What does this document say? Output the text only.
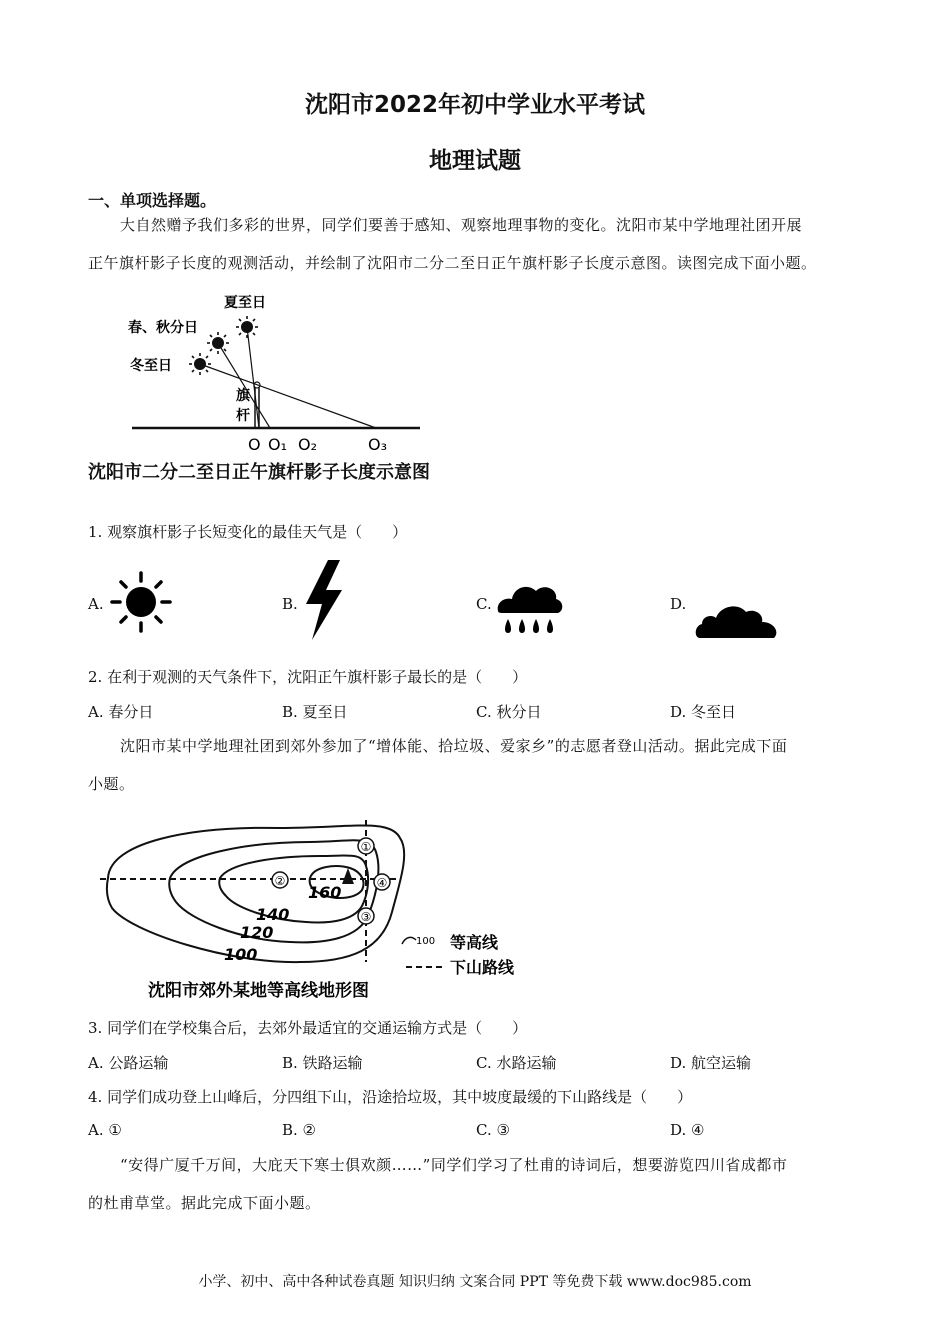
沈阳市2022年初中学业水平考试
地理试题
一、单项选择题。
大自然赠予我们多彩的世界，同学们要善于感知、观察地理事物的变化。沈阳市某中学地理社团开展
正午旗杆影子长度的观测活动，并绘制了沈阳市二分二至日正午旗杆影子长度示意图。读图完成下面小题。
夏至日
春、秋分日
冬至日
旗
杆
O O₁ O₂	O₃
沈阳市二分二至日正午旗杆影子长度示意图
1. 观察旗杆影子长短变化的最佳天气是（　　）
A.	B.	C.	D.
2. 在利于观测的天气条件下，沈阳正午旗杆影子最长的是（　　）
A. 春分日	B. 夏至日	C. 秋分日	D. 冬至日
沈阳市某中学地理社团到郊外参加了“增体能、拾垃圾、爱家乡”的志愿者登山活动。据此完成下面
小题。
①
②
③
④
160
140
120
100
100 等高线
下山路线
沈阳市郊外某地等高线地形图
3. 同学们在学校集合后，去郊外最适宜的交通运输方式是（　　）
A. 公路运输	B. 铁路运输	C. 水路运输	D. 航空运输
4. 同学们成功登上山峰后，分四组下山，沿途拾垃圾，其中坡度最缓的下山路线是（　　）
A. ①	B. ②	C. ③	D. ④
“安得广厦千万间，大庇天下寒士俱欢颜……”同学们学习了杜甫的诗词后，想要游览四川省成都市
的杜甫草堂。据此完成下面小题。
小学、初中、高中各种试卷真题 知识归纳 文案合同 PPT 等免费下载 www.doc985.com
